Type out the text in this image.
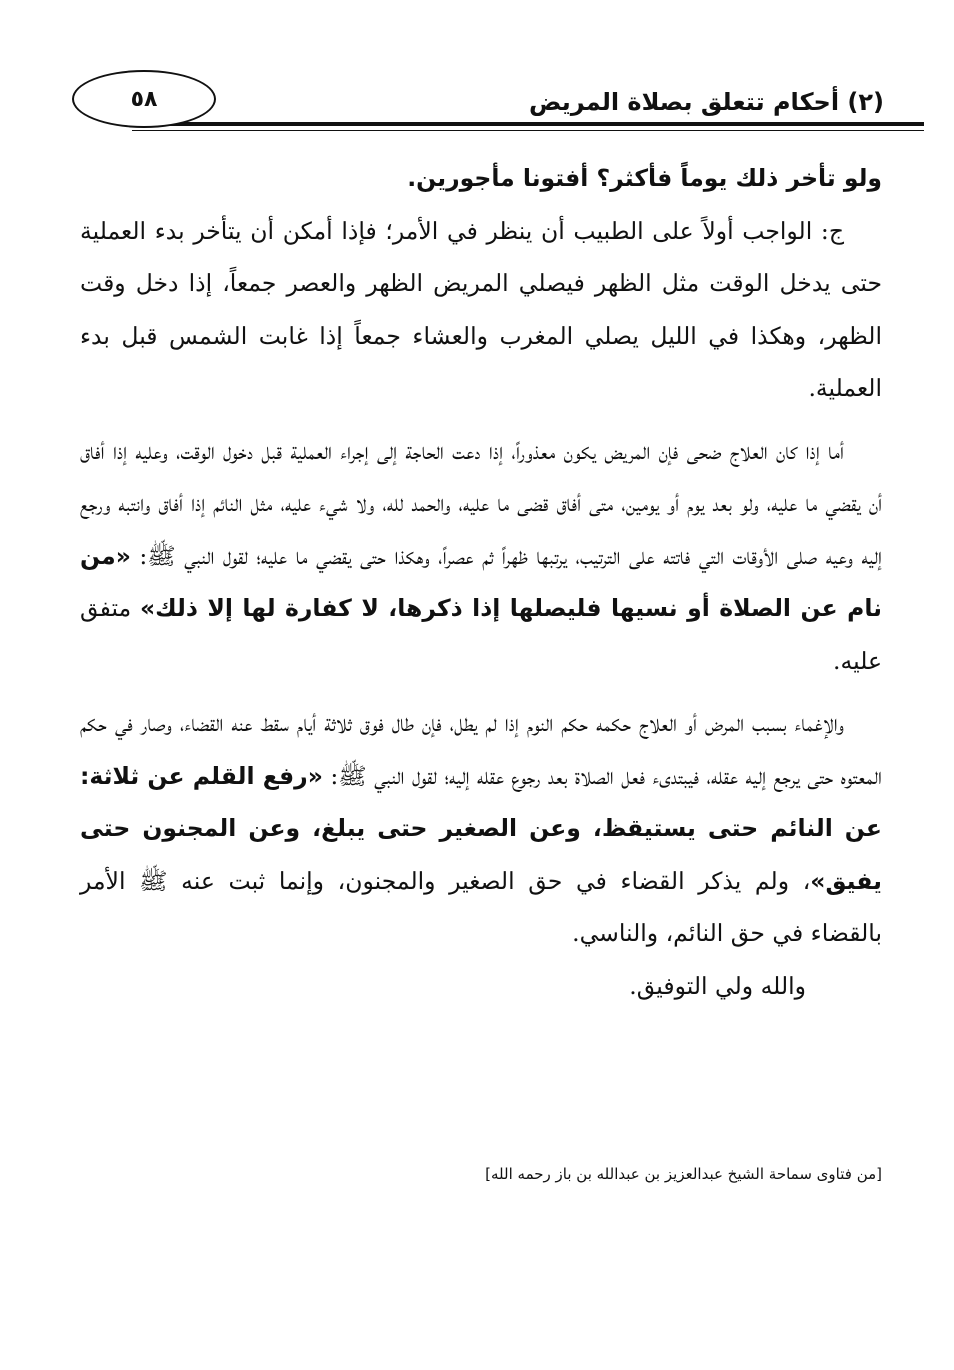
٥٨	(٢) أحكام تتعلق بصلاة المريض

ولو تأخر ذلك يوماً فأكثر؟ أفتونا مأجورين.

ج: الواجب أولاً على الطبيب أن ينظر في الأمر؛ فإذا أمكن أن يتأخر بدء العملية حتى يدخل الوقت مثل الظهر فيصلي المريض الظهر والعصر جمعاً، إذا دخل وقت الظهر، وهكذا في الليل يصلي المغرب والعشاء جمعاً إذا غابت الشمس قبل بدء العملية.

أما إذا كان العلاج ضحى فإن المريض يكون معذوراً، إذا دعت الحاجة إلى إجراء العملية قبل دخول الوقت، وعليه إذا أفاق أن يقضي ما عليه، ولو بعد يوم أو يومين، متى أفاق قضى ما عليه، والحمد لله، ولا شيء عليه، مثل النائم إذا أفاق وانتبه ورجع إليه وعيه صلى الأوقات التي فاتته على الترتيب، يرتبها ظهراً ثم عصراً، وهكذا حتى يقضي ما عليه؛ لقول النبي ﷺ: «من نام عن الصلاة أو نسيها فليصلها إذا ذكرها، لا كفارة لها إلا ذلك» متفق عليه.

والإغماء بسبب المرض أو العلاج حكمه حكم النوم إذا لم يطل، فإن طال فوق ثلاثة أيام سقط عنه القضاء، وصار في حكم المعتوه حتى يرجع إليه عقله، فيبتدىء فعل الصلاة بعد رجوع عقله إليه؛ لقول النبي ﷺ: «رفع القلم عن ثلاثة: عن النائم حتى يستيقظ، وعن الصغير حتى يبلغ، وعن المجنون حتى يفيق»، ولم يذكر القضاء في حق الصغير والمجنون، وإنما ثبت عنه ﷺ الأمر بالقضاء في حق النائم، والناسي.

والله ولي التوفيق.

[من فتاوى سماحة الشيخ عبدالعزيز بن عبدالله بن باز رحمه الله]
